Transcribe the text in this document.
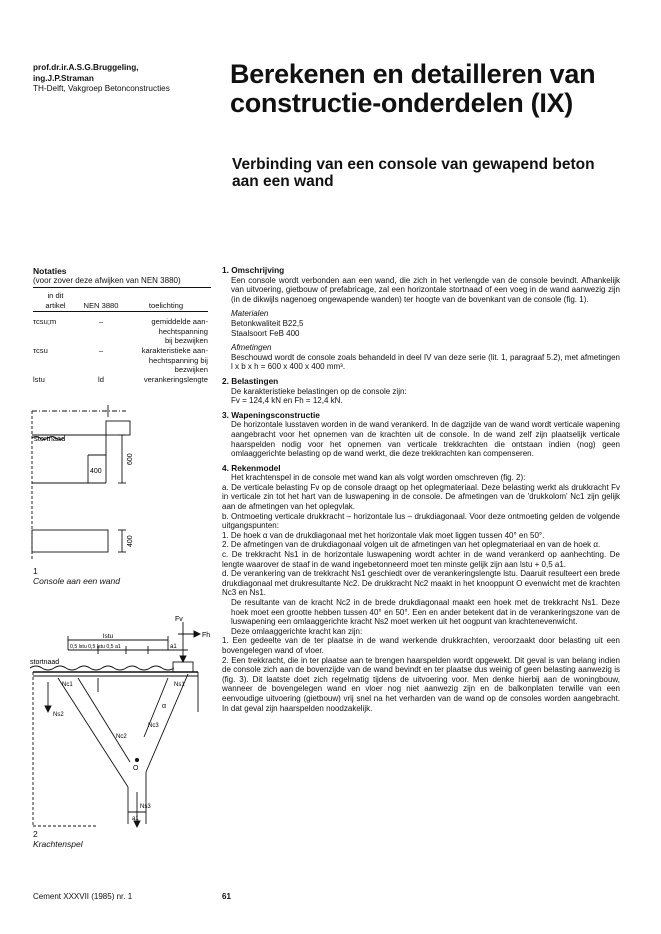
prof.dr.ir.A.S.G.Bruggeling,
ing.J.P.Straman
TH-Delft, Vakgroep Betonconstructies Berekenen en detailleren van
constructie-onderdelen (IX)
Verbinding van een console van gewapend beton
aan een wand
Notaties
(voor zover deze afwijken van NEN 3880)
in dit
artikel	NEN 3880	toelichting
τcsu;m	–	gemiddelde aan-
hechtspanning
bij bezwijken
τcsu	–	karakteristieke aan-
hechtspanning bij
bezwijken
lstu	ld	verankeringslengte
stortnaad
600
400
400
1
Console aan een wand
Fv
Fh
lstu
0,5 lstu 0,5 lstu 0,5 a1	a1
stortnaad
Ns1
Nc1
Ns2
Nc2
Nc3
Ns3
O
α
a1
2
Krachtenspel
1. Omschrijving

Een console wordt verbonden aan een wand, die zich in het verlengde van de console bevindt. Afhankelijk van uitvoering, gietbouw of prefabricage, zal een horizontale stortnaad of een voeg in de wand aanwezig zijn (in de dikwijls nagenoeg ongewapende wanden) ter hoogte van de bovenkant van de console (fig. 1).

Materialen

Betonkwaliteit B22,5

Staalsoort FeB 400

Afmetingen

Beschouwd wordt de console zoals behandeld in deel IV van deze serie (lit. 1, paragraaf 5.2), met afmetingen l x b x h = 600 x 400 x 400 mm³.

2. Belastingen

De karakteristieke belastingen op de console zijn:

Fv = 124,4 kN en Fh = 12,4 kN.

3. Wapeningsconstructie

De horizontale lusstaven worden in de wand verankerd. In de dagzijde van de wand wordt verticale wapening aangebracht voor het opnemen van de krachten uit de console. In de wand zelf zijn plaatselijk verticale haarspelden nodig voor het opnemen van verticale trekkrachten die ontstaan indien (nog) geen omlaaggerichte belasting op de wand werkt, die deze trekkrachten kan compenseren.

4. Rekenmodel

Het krachtenspel in de console met wand kan als volgt worden omschreven (fig. 2):

a. De verticale belasting Fv op de console draagt op het oplegmateriaal. Deze belasting werkt als drukkracht Fv in verticale zin tot het hart van de luswapening in de console. De afmetingen van de 'drukkolom' Nc1 zijn gelijk aan de afmetingen van het oplegvlak.

b. Ontmoeting verticale drukkracht – horizontale lus – drukdiagonaal. Voor deze ontmoeting gelden de volgende uitgangspunten:

1. De hoek α van de drukdiagonaal met het horizontale vlak moet liggen tussen 40° en 50°.

2. De afmetingen van de drukdiagonaal volgen uit de afmetingen van het oplegmateriaal en van de hoek α.

c. De trekkracht Ns1 in de horizontale luswapening wordt achter in de wand verankerd op aanhechting. De lengte waarover de staaf in de wand ingebetonneerd moet ten minste gelijk zijn aan lstu + 0,5 a1.

d. De verankering van de trekkracht Ns1 geschiedt over de verankeringslengte lstu. Daaruit resulteert een brede drukdiagonaal met drukresultante Nc2. De drukkracht Nc2 maakt in het knooppunt O evenwicht met de krachten Nc3 en Ns1.

De resultante van de kracht Nc2 in de brede drukdiagonaal maakt een hoek met de trekkracht Ns1. Deze hoek moet een grootte hebben tussen 40° en 50°. Een en ander betekent dat in de verankeringszone van de luswapening een omlaaggerichte kracht Ns2 moet werken uit het oogpunt van krachtenevenwicht.

Deze omlaaggerichte kracht kan zijn:

1. Een gedeelte van de ter plaatse in de wand werkende drukkrachten, veroorzaakt door belasting uit een bovengelegen wand of vloer.

2. Een trekkracht, die in ter plaatse aan te brengen haarspelden wordt opgewekt. Dit geval is van belang indien de console zich aan de bovenzijde van de wand bevindt en ter plaatse dus weinig of geen belasting aanwezig is (fig. 3). Dit laatste doet zich regelmatig tijdens de uitvoering voor. Men denke hierbij aan de woningbouw, wanneer de bovengelegen wand en vloer nog niet aanwezig zijn en de balkonplaten terwille van een eenvoudige uitvoering (gietbouw) vrij snel na het verharden van de wand op de consoles worden aangebracht. In dat geval zijn haarspelden noodzakelijk.

Cement XXXVII (1985) nr. 1	61
